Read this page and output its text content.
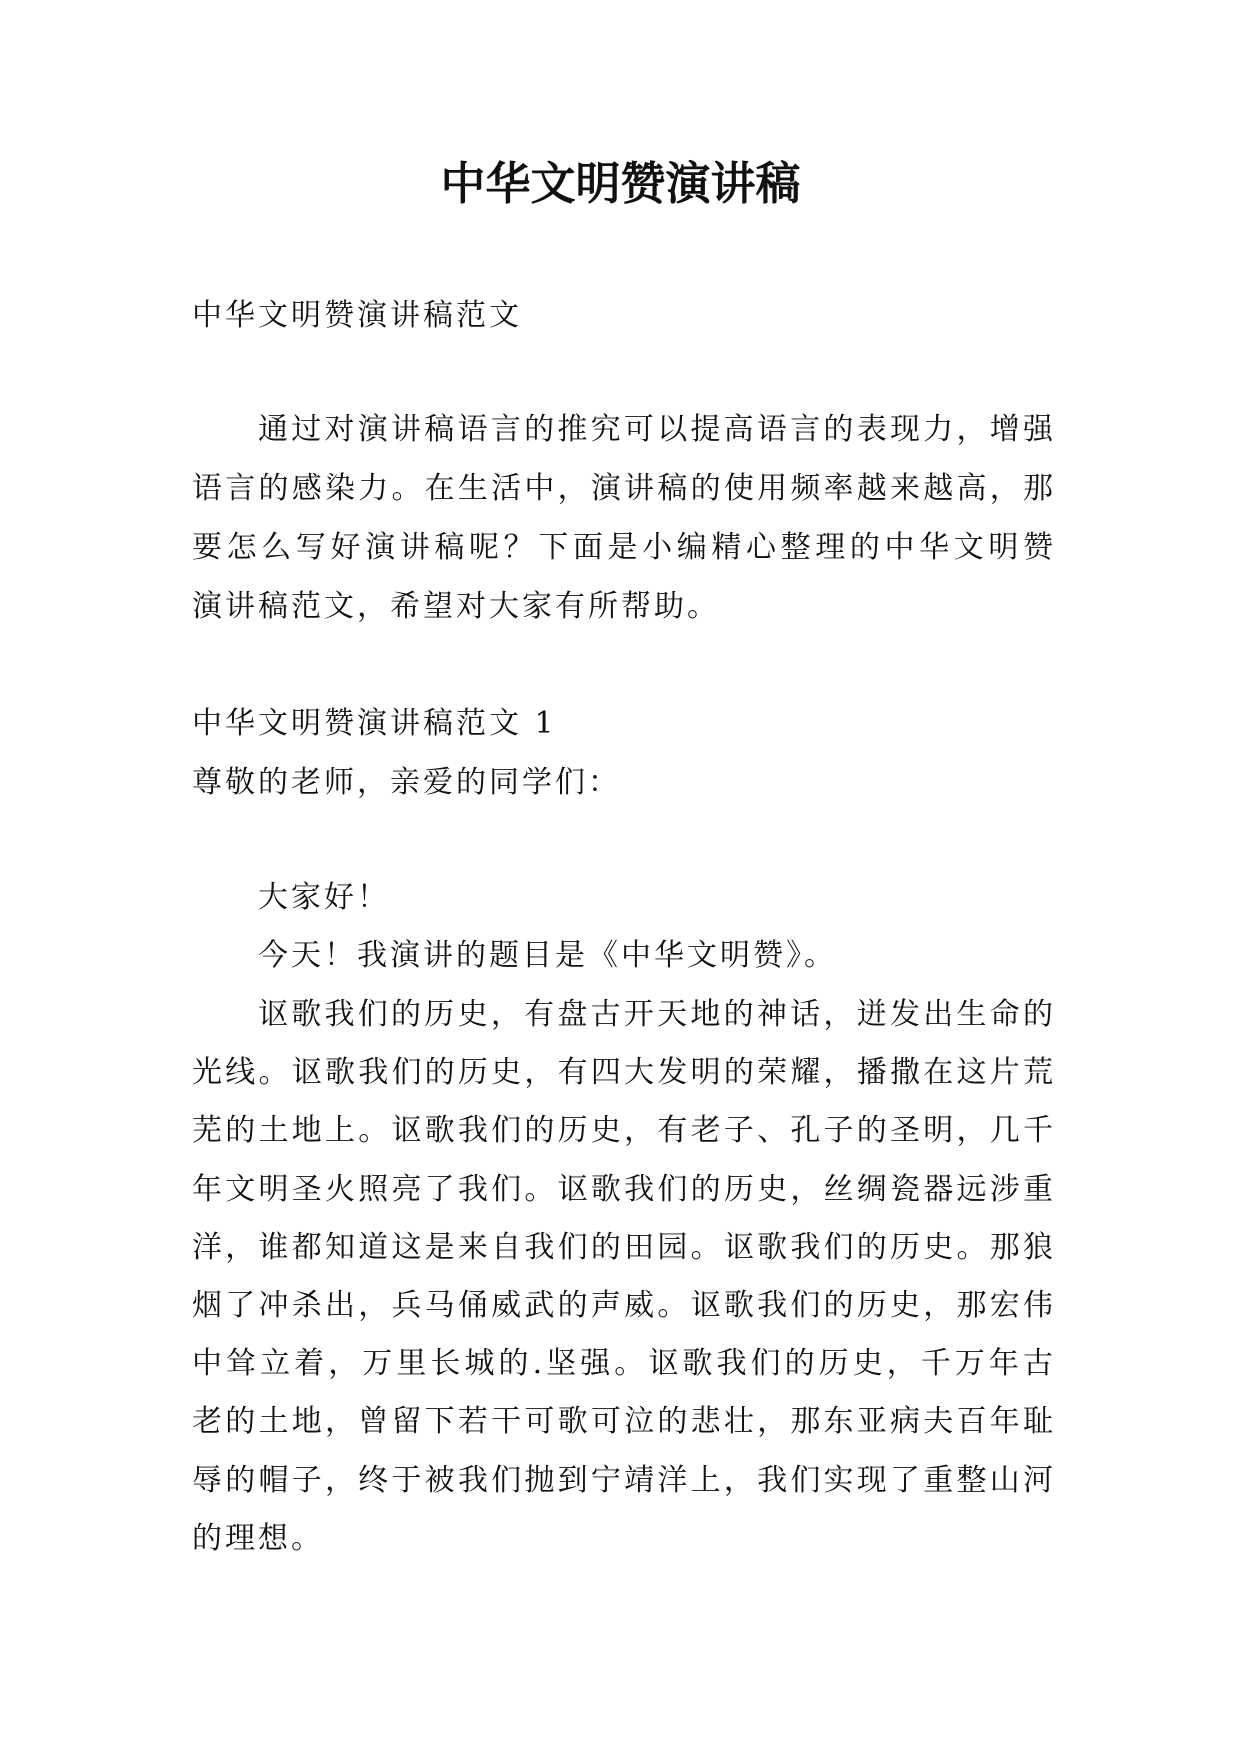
中华文明赞演讲稿
中华文明赞演讲稿范文
通过对演讲稿语言的推究可以提高语言的表现力，增强
语言的感染力。在生活中，演讲稿的使用频率越来越高，那
要怎么写好演讲稿呢？下面是小编精心整理的中华文明赞
演讲稿范文，希望对大家有所帮助。
中华文明赞演讲稿范文 1
尊敬的老师，亲爱的同学们：
大家好！
今天！我演讲的题目是《中华文明赞》。
讴歌我们的历史，有盘古开天地的神话，迸发出生命的
光线。讴歌我们的历史，有四大发明的荣耀，播撒在这片荒
芜的土地上。讴歌我们的历史，有老子、孔子的圣明，几千
年文明圣火照亮了我们。讴歌我们的历史，丝绸瓷器远涉重
洋，谁都知道这是来自我们的田园。讴歌我们的历史。那狼
烟了冲杀出，兵马俑威武的声威。讴歌我们的历史，那宏伟
中耸立着，万里长城的.坚强。讴歌我们的历史，千万年古
老的土地，曾留下若干可歌可泣的悲壮，那东亚病夫百年耻
辱的帽子，终于被我们抛到宁靖洋上，我们实现了重整山河
的理想。
